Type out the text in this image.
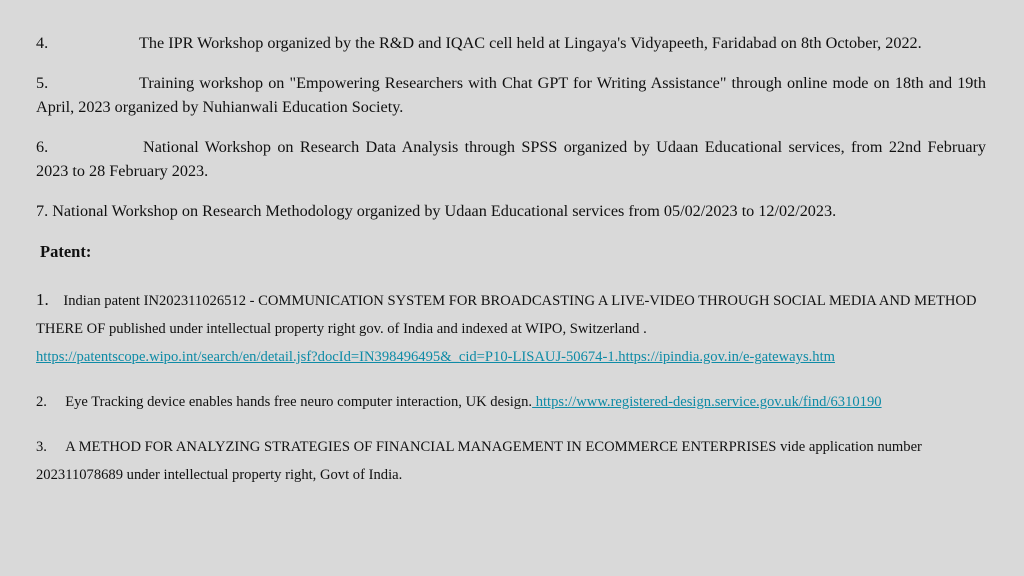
4.	The IPR Workshop organized by the R&D and IQAC cell held at Lingaya's Vidyapeeth, Faridabad on 8th October, 2022.
5.	Training workshop on "Empowering Researchers with Chat GPT for Writing Assistance" through online mode on 18th and 19th April, 2023 organized by Nuhianwali Education Society.
6.	National Workshop on Research Data Analysis through SPSS organized by Udaan Educational services, from 22nd February 2023 to 28 February 2023.
7. National Workshop on Research Methodology organized by Udaan Educational services from 05/02/2023 to 12/02/2023.
Patent:
1. Indian patent IN202311026512 - COMMUNICATION SYSTEM FOR BROADCASTING A LIVE-VIDEO THROUGH SOCIAL MEDIA AND METHOD THERE OF published under intellectual property right gov. of India and indexed at WIPO, Switzerland .
https://patentscope.wipo.int/search/en/detail.jsf?docId=IN398496495&_cid=P10-LISAUJ-50674-1.https://ipindia.gov.in/e-gateways.htm
2. Eye Tracking device enables hands free neuro computer interaction, UK design. https://www.registered-design.service.gov.uk/find/6310190
3. A METHOD FOR ANALYZING STRATEGIES OF FINANCIAL MANAGEMENT IN ECOMMERCE ENTERPRISES vide application number 202311078689 under intellectual property right, Govt of India.
